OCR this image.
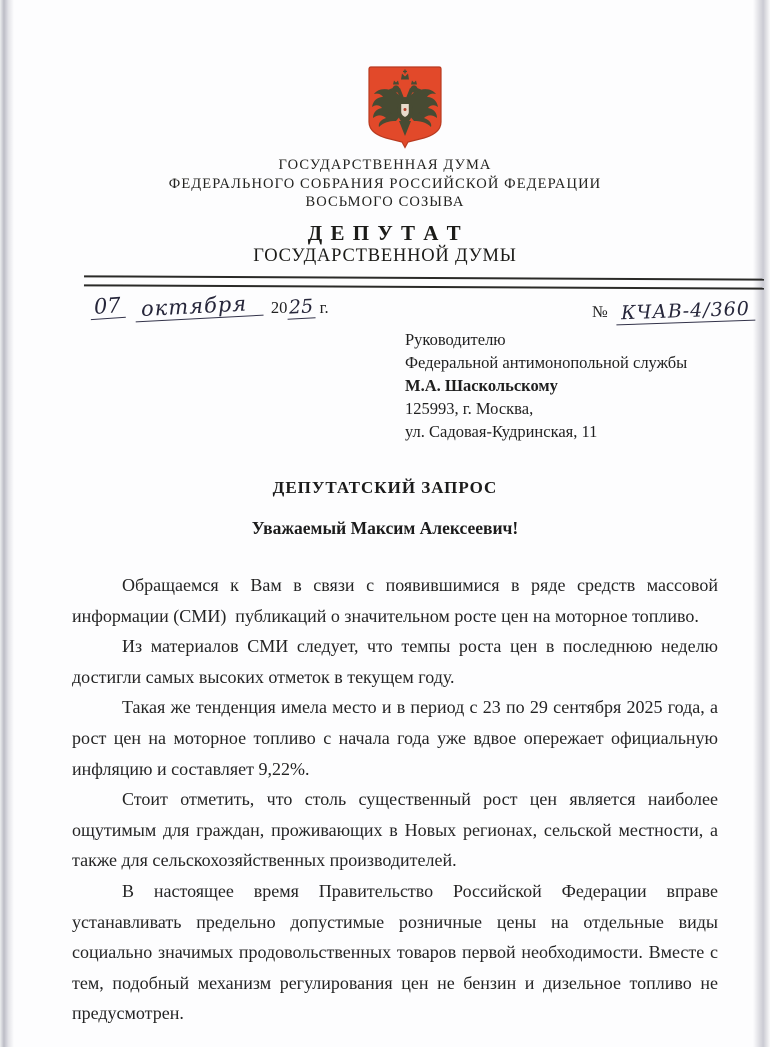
ГОСУДАРСТВЕННАЯ ДУМА
ФЕДЕРАЛЬНОГО СОБРАНИЯ РОССИЙСКОЙ ФЕДЕРАЦИИ
ВОСЬМОГО СОЗЫВА
Д Е П У Т А Т
ГОСУДАРСТВЕННОЙ ДУМЫ
07 октября 2025 г.	№ КЧАВ-4/360
Руководителю
Федеральной антимонопольной службы
М.А. Шаскольскому
125993, г. Москва,
ул. Садовая-Кудринская, 11
ДЕПУТАТСКИЙ ЗАПРОС
Уважаемый Максим Алексеевич!

Обращаемся к Вам в связи с появившимися в ряде средств массовой информации (СМИ)  публикаций о значительном росте цен на моторное топливо.

Из материалов СМИ следует, что темпы роста цен в последнюю неделю достигли самых высоких отметок в текущем году.

Такая же тенденция имела место и в период с 23 по 29 сентября 2025 года, а рост цен на моторное топливо с начала года уже вдвое опережает официальную инфляцию и составляет 9,22%.

Стоит отметить, что столь существенный рост цен является наиболее ощутимым для граждан, проживающих в Новых регионах, сельской местности, а также для сельскохозяйственных производителей.

В настоящее время Правительство Российской Федерации вправе устанавливать предельно допустимые розничные цены на отдельные виды социально значимых продовольственных товаров первой необходимости. Вместе с тем, подобный механизм регулирования цен не бензин и дизельное топливо не предусмотрен.
